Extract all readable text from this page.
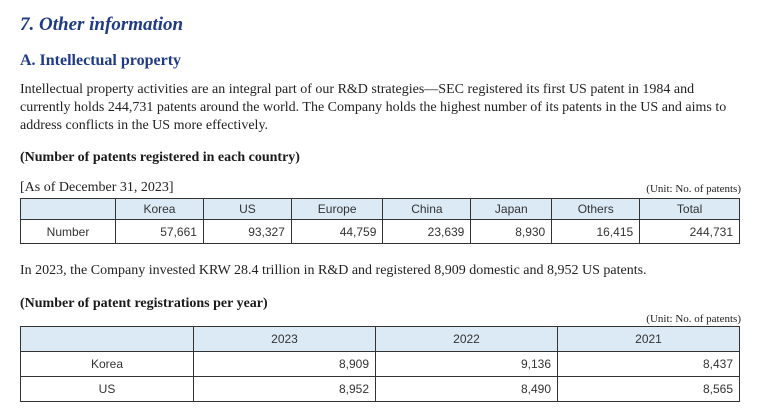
7. Other information
A. Intellectual property
Intellectual property activities are an integral part of our R&D strategies—SEC registered its first US patent in 1984 and currently holds 244,731 patents around the world. The Company holds the highest number of its patents in the US and aims to address conflicts in the US more effectively.
(Number of patents registered in each country)
[As of December 31, 2023]	(Unit: No. of patents)
	Korea	US	Europe	China	Japan	Others	Total
Number	57,661	93,327	44,759	23,639	8,930	16,415	244,731
In 2023, the Company invested KRW 28.4 trillion in R&D and registered 8,909 domestic and 8,952 US patents.
(Number of patent registrations per year)
(Unit: No. of patents)
	2023	2022	2021
Korea	8,909	9,136	8,437
US	8,952	8,490	8,565
